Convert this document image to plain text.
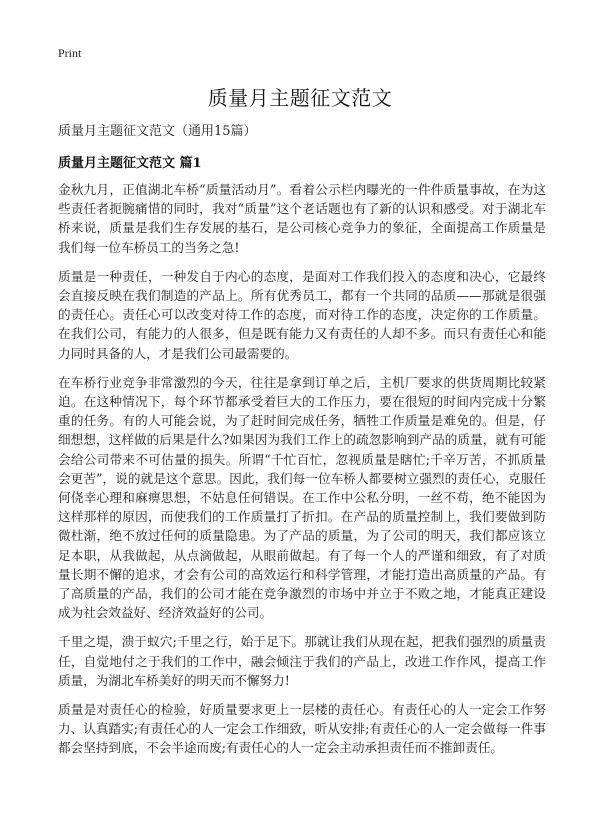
Print
质量月主题征文范文
质量月主题征文范文（通用15篇）
质量月主题征文范文 篇1

金秋九月，正值湖北车桥“质量活动月”。看着公示栏内曝光的一件件质量事故，在为这些责任者扼腕痛惜的同时，我对“质量”这个老话题也有了新的认识和感受。对于湖北车桥来说，质量是我们生存发展的基石，是公司核心竞争力的象征，全面提高工作质量是我们每一位车桥员工的当务之急!

质量是一种责任，一种发自于内心的态度，是面对工作我们投入的态度和决心，它最终会直接反映在我们制造的产品上。所有优秀员工，都有一个共同的品质——那就是很强的责任心。责任心可以改变对待工作的态度，而对待工作的态度，决定你的工作质量。在我们公司，有能力的人很多，但是既有能力又有责任的人却不多。而只有责任心和能力同时具备的人，才是我们公司最需要的。

在车桥行业竞争非常激烈的今天，往往是拿到订单之后，主机厂要求的供货周期比较紧迫。在这种情况下，每个环节都承受着巨大的工作压力，要在很短的时间内完成十分繁重的任务。有的人可能会说，为了赶时间完成任务，牺牲工作质量是难免的。但是，仔细想想，这样做的后果是什么?如果因为我们工作上的疏忽影响到产品的质量，就有可能会给公司带来不可估量的损失。所谓“千忙百忙，忽视质量是瞎忙;千辛万苦，不抓质量会更苦”，说的就是这个意思。因此，我们每一位车桥人都要树立强烈的责任心，克服任何侥幸心理和麻痹思想，不姑息任何错误。在工作中公私分明，一丝不苟，绝不能因为这样那样的原因，而使我们的工作质量打了折扣。在产品的质量控制上，我们要做到防微杜渐，绝不放过任何的质量隐患。为了产品的质量，为了公司的明天，我们都应该立足本职，从我做起，从点滴做起，从眼前做起。有了每一个人的严谨和细致，有了对质量长期不懈的追求，才会有公司的高效运行和科学管理，才能打造出高质量的产品。有了高质量的产品，我们的公司才能在竞争激烈的市场中并立于不败之地，才能真正建设成为社会效益好、经济效益好的公司。

千里之堤，溃于蚁穴;千里之行，始于足下。那就让我们从现在起，把我们强烈的质量责任，自觉地付之于我们的工作中，融会倾注于我们的产品上，改进工作作风，提高工作质量，为湖北车桥美好的明天而不懈努力!

质量是对责任心的检验，好质量要求更上一层楼的责任心。有责任心的人一定会工作努力、认真踏实;有责任心的人一定会工作细致，听从安排;有责任心的人一定会做每一件事都会坚持到底，不会半途而废;有责任心的人一定会主动承担责任而不推卸责任。
